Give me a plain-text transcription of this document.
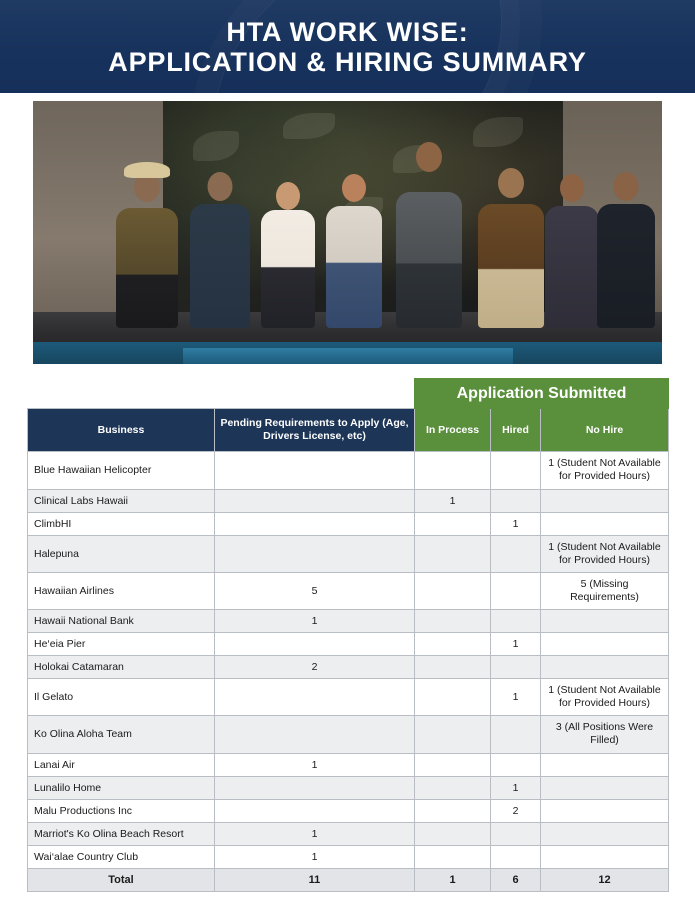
HTA WORK WISE:
APPLICATION & HIRING SUMMARY
		Application Submitted		
Business	Pending Requirements to Apply (Age, Drivers License, etc)	In Process	Hired	No Hire
Blue Hawaiian Helicopter				1 (Student Not Available for Provided Hours)
Clinical Labs Hawaii		1		
ClimbHI			1	
Halepuna				1 (Student Not Available for Provided Hours)
Hawaiian Airlines	5			5 (Missing Requirements)
Hawaii National Bank	1			
He‘eia Pier			1	
Holokai Catamaran	2			
Il Gelato			1	1 (Student Not Available for Provided Hours)
Ko Olina Aloha Team				3 (All Positions Were Filled)
Lanai Air	1			
Lunalilo Home			1	
Malu Productions Inc			2	
Marriot's Ko Olina Beach Resort	1			
Wai‘alae Country Club	1			
Total	11	1	6	12
